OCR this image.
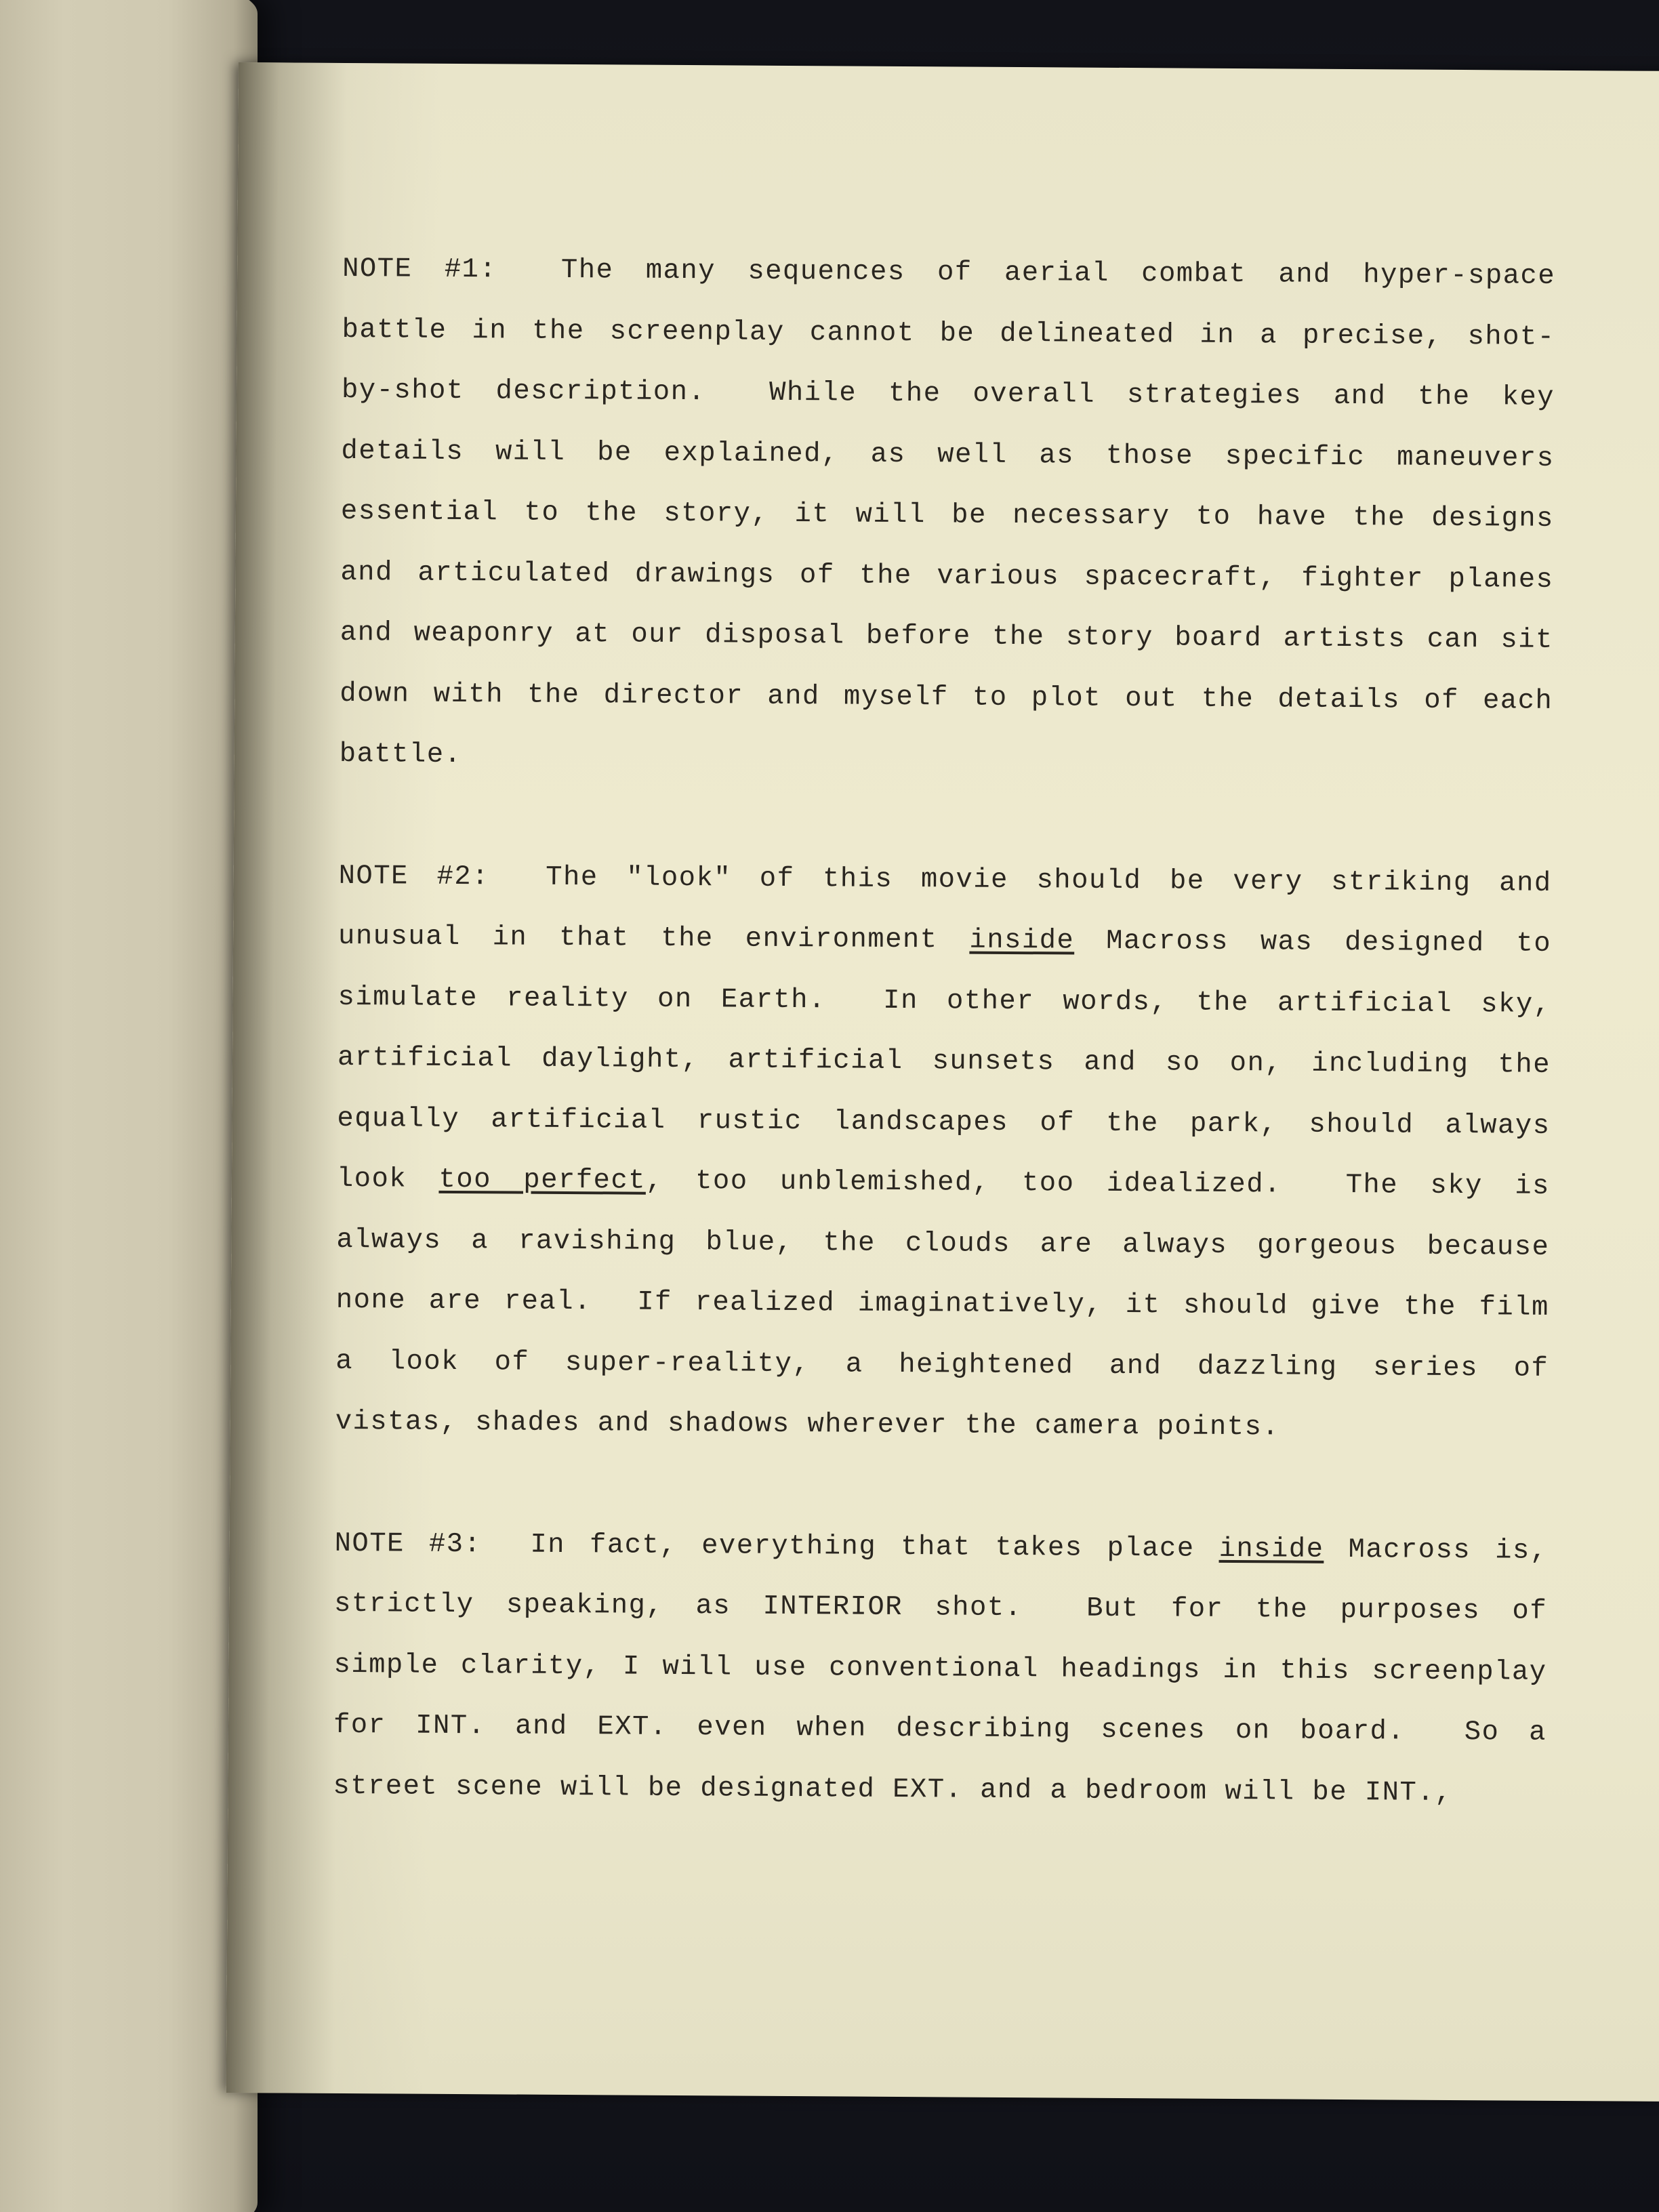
NOTE #1:  The many sequences of aerial combat and hyper-space
battle in the screenplay cannot be delineated in a precise, shot-
by-shot description.  While the overall strategies and the key
details will be explained, as well as those specific maneuvers
essential to the story, it will be necessary to have the designs
and articulated drawings of the various spacecraft, fighter planes
and weaponry at our disposal before the story board artists can sit
down with the director and myself to plot out the details of each
battle.
NOTE #2:  The "look" of this movie should be very striking and
unusual in that the environment inside Macross was designed to
simulate reality on Earth.  In other words, the artificial sky,
artificial daylight, artificial sunsets and so on, including the
equally artificial rustic landscapes of the park, should always
look too perfect, too unblemished, too idealized.  The sky is
always a ravishing blue, the clouds are always gorgeous because
none are real.  If realized imaginatively, it should give the film
a look of super-reality, a heightened and dazzling series of
vistas, shades and shadows wherever the camera points.
NOTE #3:  In fact, everything that takes place inside Macross is,
strictly speaking, as INTERIOR shot.  But for the purposes of
simple clarity, I will use conventional headings in this screenplay
for INT. and EXT. even when describing scenes on board.  So a
street scene will be designated EXT. and a bedroom will be INT.,
